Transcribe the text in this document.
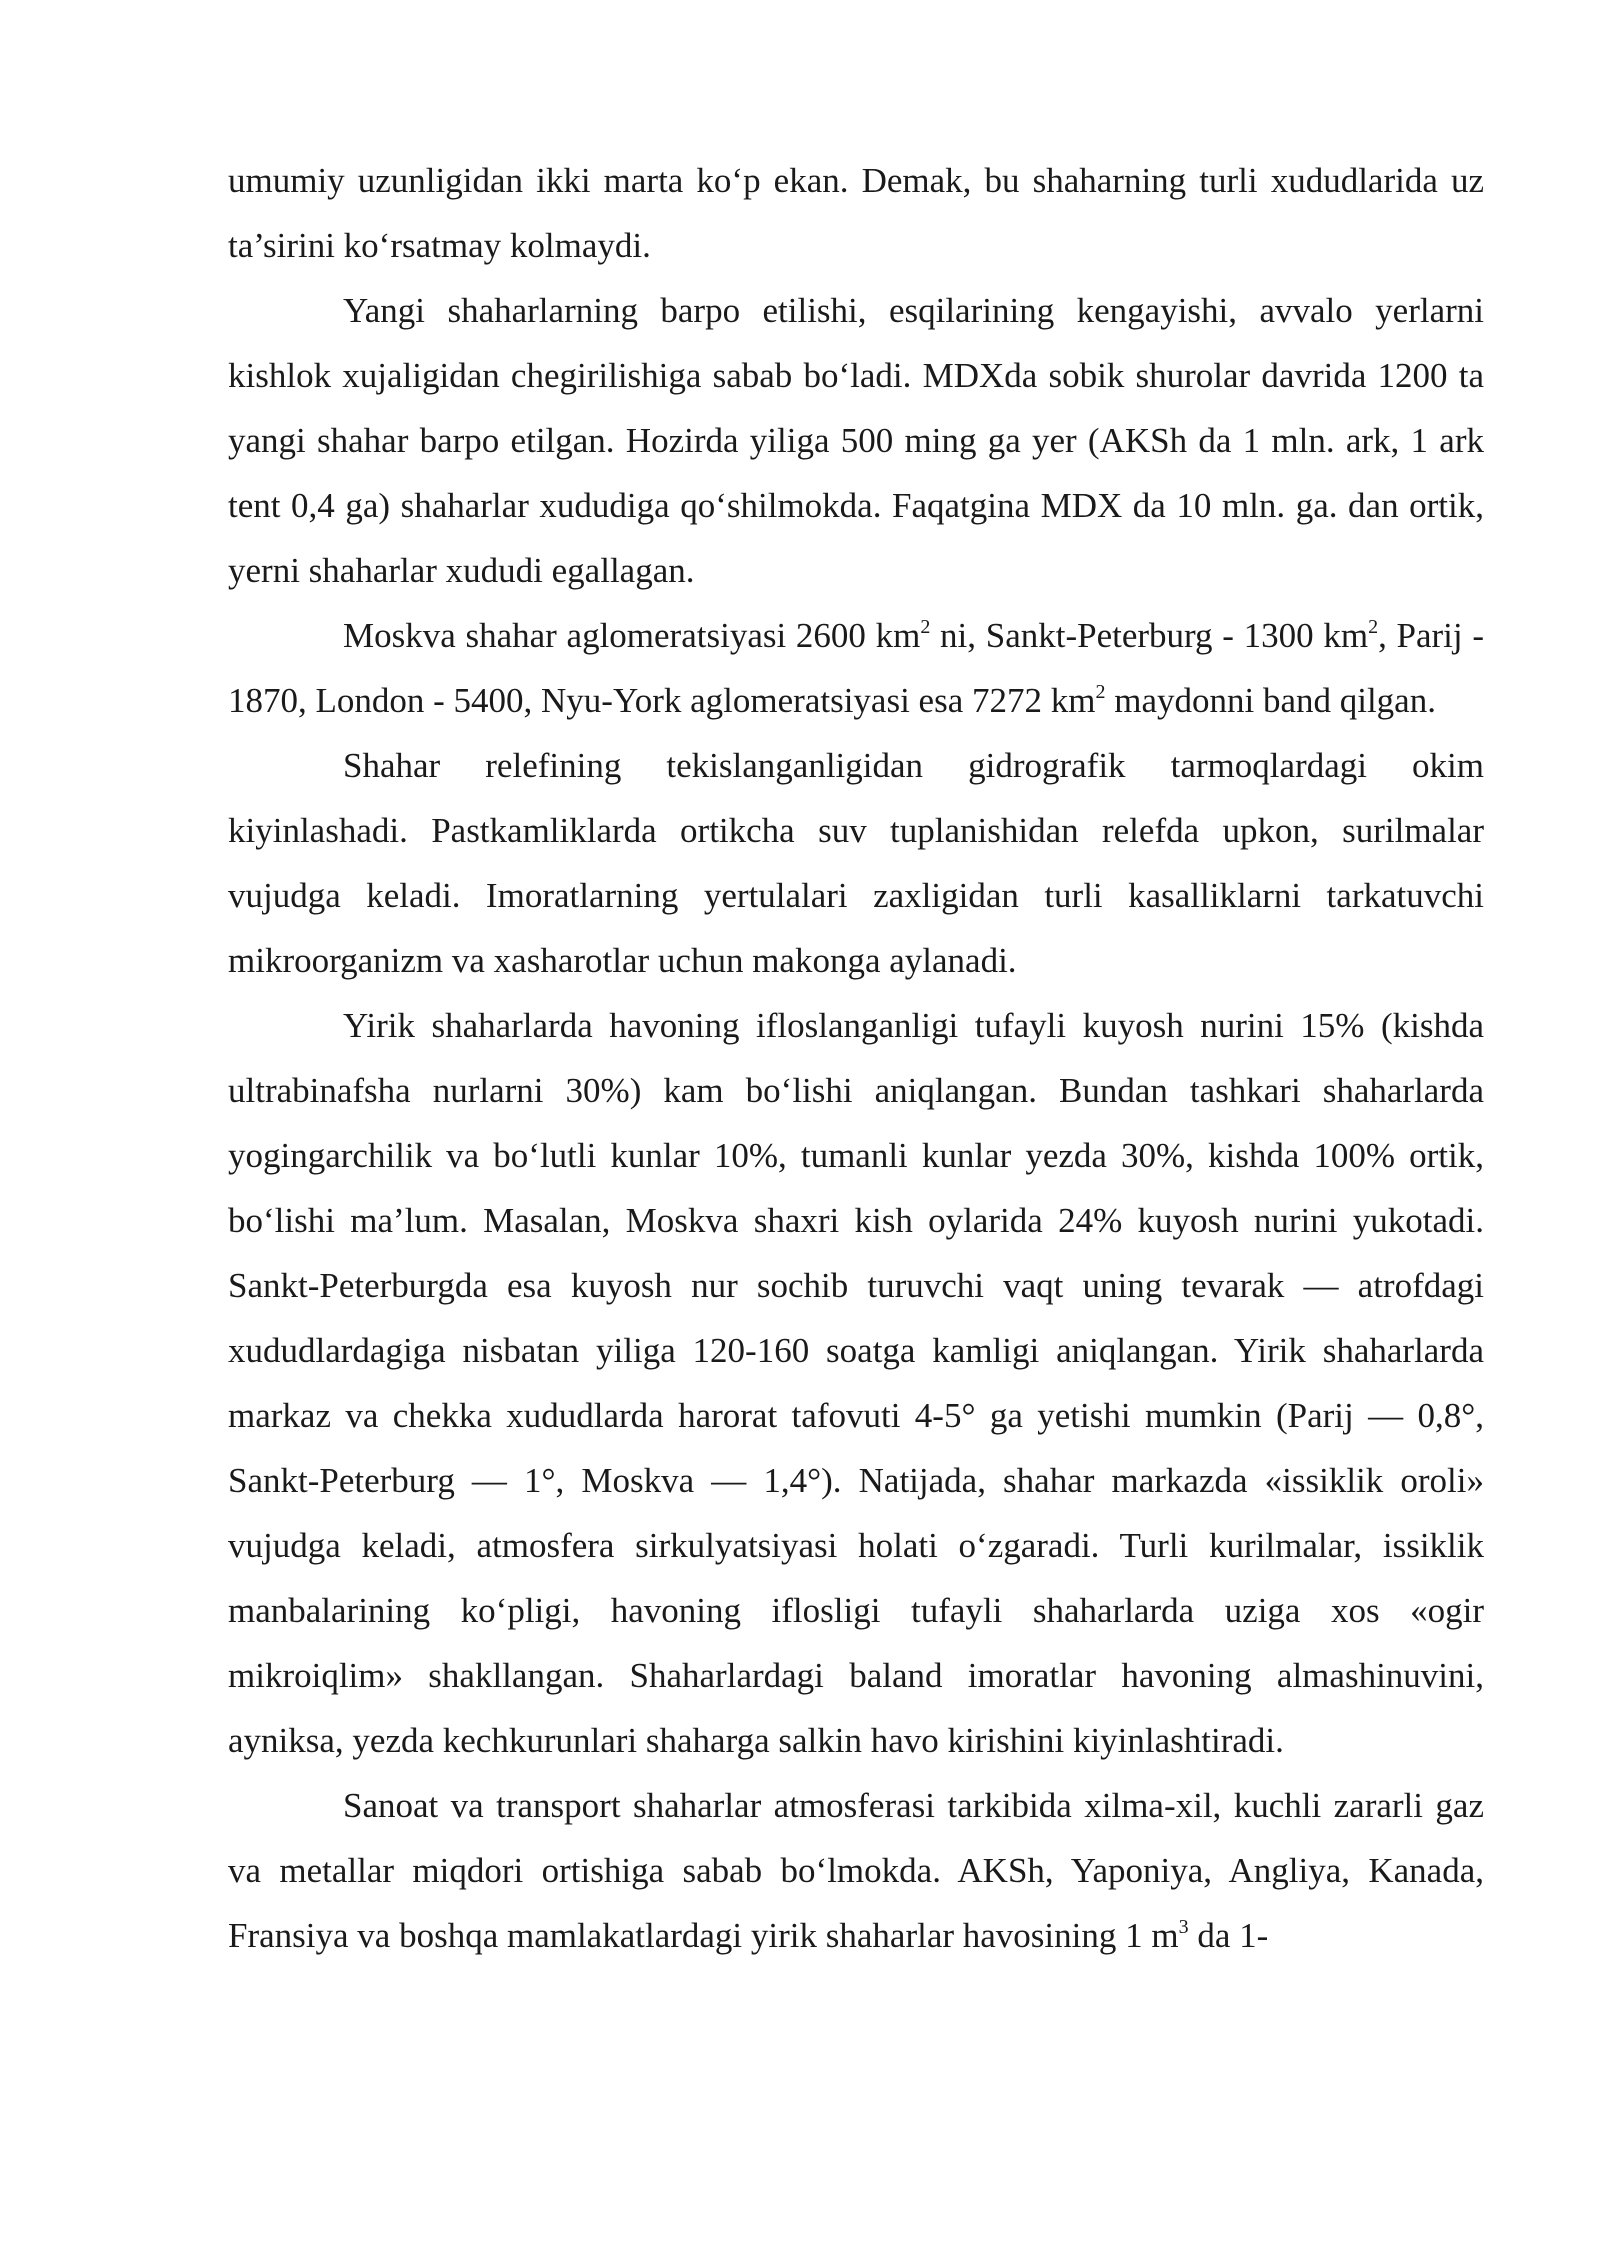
umumiy uzunligidan ikki marta ko‘p ekan. Demak, bu shaharning turli xududlarida uz ta’sirini ko‘rsatmay kolmaydi.

Yangi shaharlarning barpo etilishi, esqilarining kengayishi, avvalo yerlarni kishlok xujaligidan chegirilishiga sabab bo‘ladi. MDXda sobik shurolar davrida 1200 ta yangi shahar barpo etilgan. Hozirda yiliga 500 ming ga yer (AKSh da 1 mln. ark, 1 ark tent 0,4 ga) shaharlar xududiga qo‘shilmokda. Faqatgina MDX da 10 mln. ga. dan ortik, yerni shaharlar xududi egallagan.

Moskva shahar aglomeratsiyasi 2600 $km^2$ ni, Sankt-Peterburg - 1300 $km^2$, Parij - 1870, London - 5400, Nyu-York aglomeratsiyasi esa 7272 $km^2$ maydonni band qilgan.

Shahar relefining tekislanganligidan gidrografik tarmoqlardagi okim kiyinlashadi. Pastkamliklarda ortikcha suv tuplanishidan relefda upkon, surilmalar vujudga keladi. Imoratlarning yertulalari zaxligidan turli kasalliklarni tarkatuvchi mikroorganizm va xasharotlar uchun makonga aylanadi.

Yirik shaharlarda havoning ifloslanganligi tufayli kuyosh nurini 15% (kishda ultrabinafsha nurlarni 30%) kam bo‘lishi aniqlangan. Bundan tashkari shaharlarda yogingarchilik va bo‘lutli kunlar 10%, tumanli kunlar yezda 30%, kishda 100% ortik, bo‘lishi ma’lum. Masalan, Moskva shaxri kish oylarida 24% kuyosh nurini yukotadi. Sankt-Peterburgda esa kuyosh nur sochib turuvchi vaqt uning tevarak — atrofdagi xududlardagiga nisbatan yiliga 120-160 soatga kamligi aniqlangan. Yirik shaharlarda markaz va chekka xududlarda harorat tafovuti 4-5° ga yetishi mumkin (Parij — 0,8°, Sankt-Peterburg — 1°, Moskva — 1,4°). Natijada, shahar markazda «issiklik oroli» vujudga keladi, atmosfera sirkulyatsiyasi holati o‘zgaradi. Turli kurilmalar, issiklik manbalarining ko‘pligi, havoning iflosligi tufayli shaharlarda uziga xos «ogir mikroiqlim» shakllangan. Shaharlardagi baland imoratlar havoning almashinuvini, ayniksa, yezda kechkurunlari shaharga salkin havo kirishini kiyinlashtiradi.

Sanoat va transport shaharlar atmosferasi tarkibida xilma-xil, kuchli zararli gaz va metallar miqdori ortishiga sabab bo‘lmokda. AKSh, Yaponiya, Angliya, Kanada, Fransiya va boshqa mamlakatlardagi yirik shaharlar havosining 1 $m^3$ da 1-
